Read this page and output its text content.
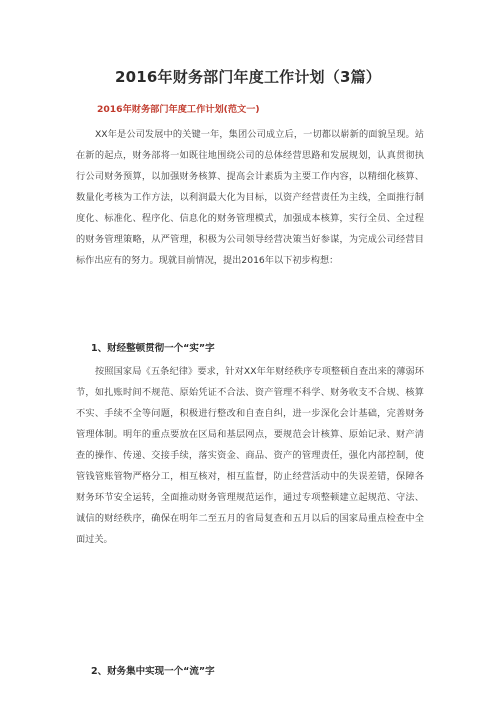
2016年财务部门年度工作计划（3篇）
2016年财务部门年度工作计划(范文一)
XX年是公司发展中的关键一年，集团公司成立后，一切都以崭新的面貌呈现。站在新的起点，财务部将一如既往地围绕公司的总体经营思路和发展规划，认真贯彻执行公司财务预算，以加强财务核算、提高会计素质为主要工作内容，以精细化核算、数量化考核为工作方法，以利润最大化为目标，以资产经营责任为主线，全面推行制度化、标准化、程序化、信息化的财务管理模式，加强成本核算，实行全员、全过程的财务管理策略，从严管理，积极为公司领导经营决策当好参谋，为完成公司经营目标作出应有的努力。现就目前情况，提出2016年以下初步构想：
1、财经整顿贯彻一个“实”字
按照国家局《五条纪律》要求，针对XX年年财经秩序专项整顿自查出来的薄弱环节，如扎账时间不规范、原始凭证不合法、资产管理不科学、财务收支不合规、核算不实、手续不全等问题，积极进行整改和自查自纠，进一步深化会计基础，完善财务管理体制。明年的重点要放在区局和基层网点，要规范会计核算、原始记录、财产清查的操作、传递、交接手续，落实资金、商品、资产的管理责任，强化内部控制，使管钱管账管物严格分工，相互核对，相互监督，防止经营活动中的失误差错，保障各财务环节安全运转，全面推动财务管理规范运作，通过专项整顿建立起规范、守法、诚信的财经秩序，确保在明年二至五月的省局复查和五月以后的国家局重点检查中全面过关。
2、财务集中实现一个“流”字
